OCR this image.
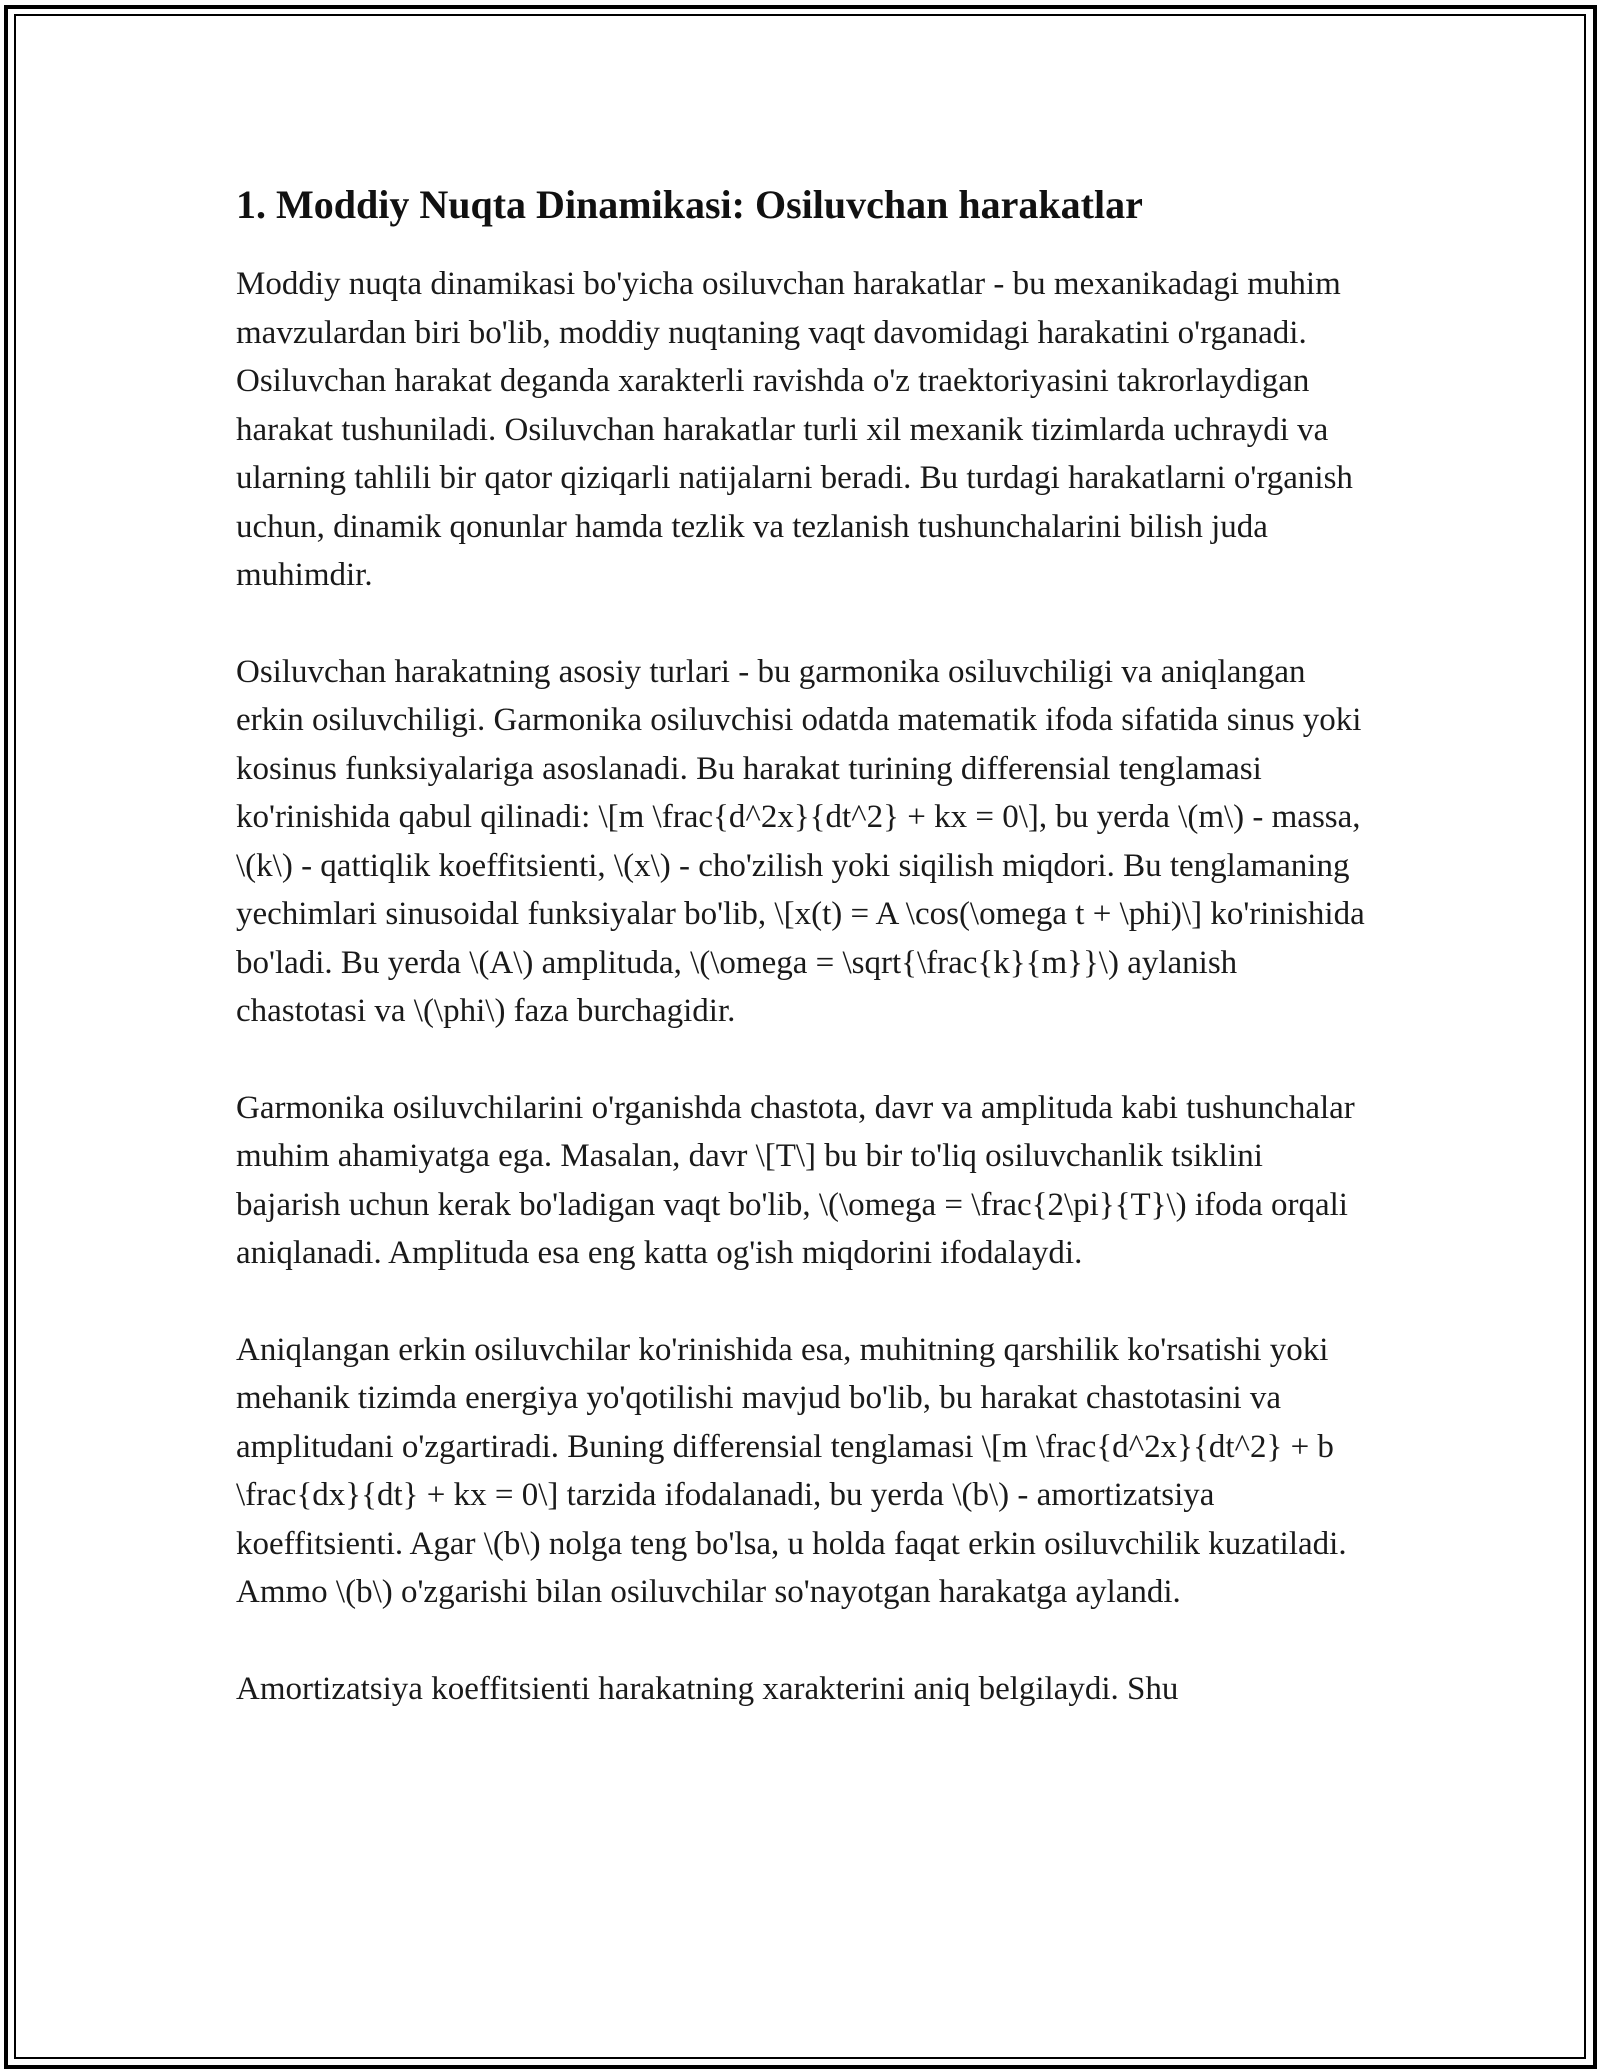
1. Moddiy Nuqta Dinamikasi: Osiluvchan harakatlar

Moddiy nuqta dinamikasi bo'yicha osiluvchan harakatlar - bu mexanikadagi muhim mavzulardan biri bo'lib, moddiy nuqtaning vaqt davomidagi harakatini o'rganadi. Osiluvchan harakat deganda xarakterli ravishda o'z traektoriyasini takrorlaydigan harakat tushuniladi. Osiluvchan harakatlar turli xil mexanik tizimlarda uchraydi va ularning tahlili bir qator qiziqarli natijalarni beradi. Bu turdagi harakatlarni o'rganish uchun, dinamik qonunlar hamda tezlik va tezlanish tushunchalarini bilish juda muhimdir.

Osiluvchan harakatning asosiy turlari - bu garmonika osiluvchiligi va aniqlangan erkin osiluvchiligi. Garmonika osiluvchisi odatda matematik ifoda sifatida sinus yoki kosinus funksiyalariga asoslanadi. Bu harakat turining differensial tenglamasi ko'rinishida qabul qilinadi: \[m \frac{d^2x}{dt^2} + kx = 0\], bu yerda \(m\) - massa, \(k\) - qattiqlik koeffitsienti, \(x\) - cho'zilish yoki siqilish miqdori. Bu tenglamaning yechimlari sinusoidal funksiyalar bo'lib, \[x(t) = A \cos(\omega t + \phi)\] ko'rinishida bo'ladi. Bu yerda \(A\) amplituda, \(\omega = \sqrt{\frac{k}{m}}\) aylanish chastotasi va \(\phi\) faza burchagidir.

Garmonika osiluvchilarini o'rganishda chastota, davr va amplituda kabi tushunchalar muhim ahamiyatga ega. Masalan, davr \[T\] bu bir to'liq osiluvchanlik tsiklini bajarish uchun kerak bo'ladigan vaqt bo'lib, \(\omega = \frac{2\pi}{T}\) ifoda orqali aniqlanadi. Amplituda esa eng katta og'ish miqdorini ifodalaydi.

Aniqlangan erkin osiluvchilar ko'rinishida esa, muhitning qarshilik ko'rsatishi yoki mehanik tizimda energiya yo'qotilishi mavjud bo'lib, bu harakat chastotasini va amplitudani o'zgartiradi. Buning differensial tenglamasi \[m \frac{d^2x}{dt^2} + b \frac{dx}{dt} + kx = 0\] tarzida ifodalanadi, bu yerda \(b\) - amortizatsiya koeffitsienti. Agar \(b\) nolga teng bo'lsa, u holda faqat erkin osiluvchilik kuzatiladi. Ammo \(b\) o'zgarishi bilan osiluvchilar so'nayotgan harakatga aylandi.

Amortizatsiya koeffitsienti harakatning xarakterini aniq belgilaydi. Shu
